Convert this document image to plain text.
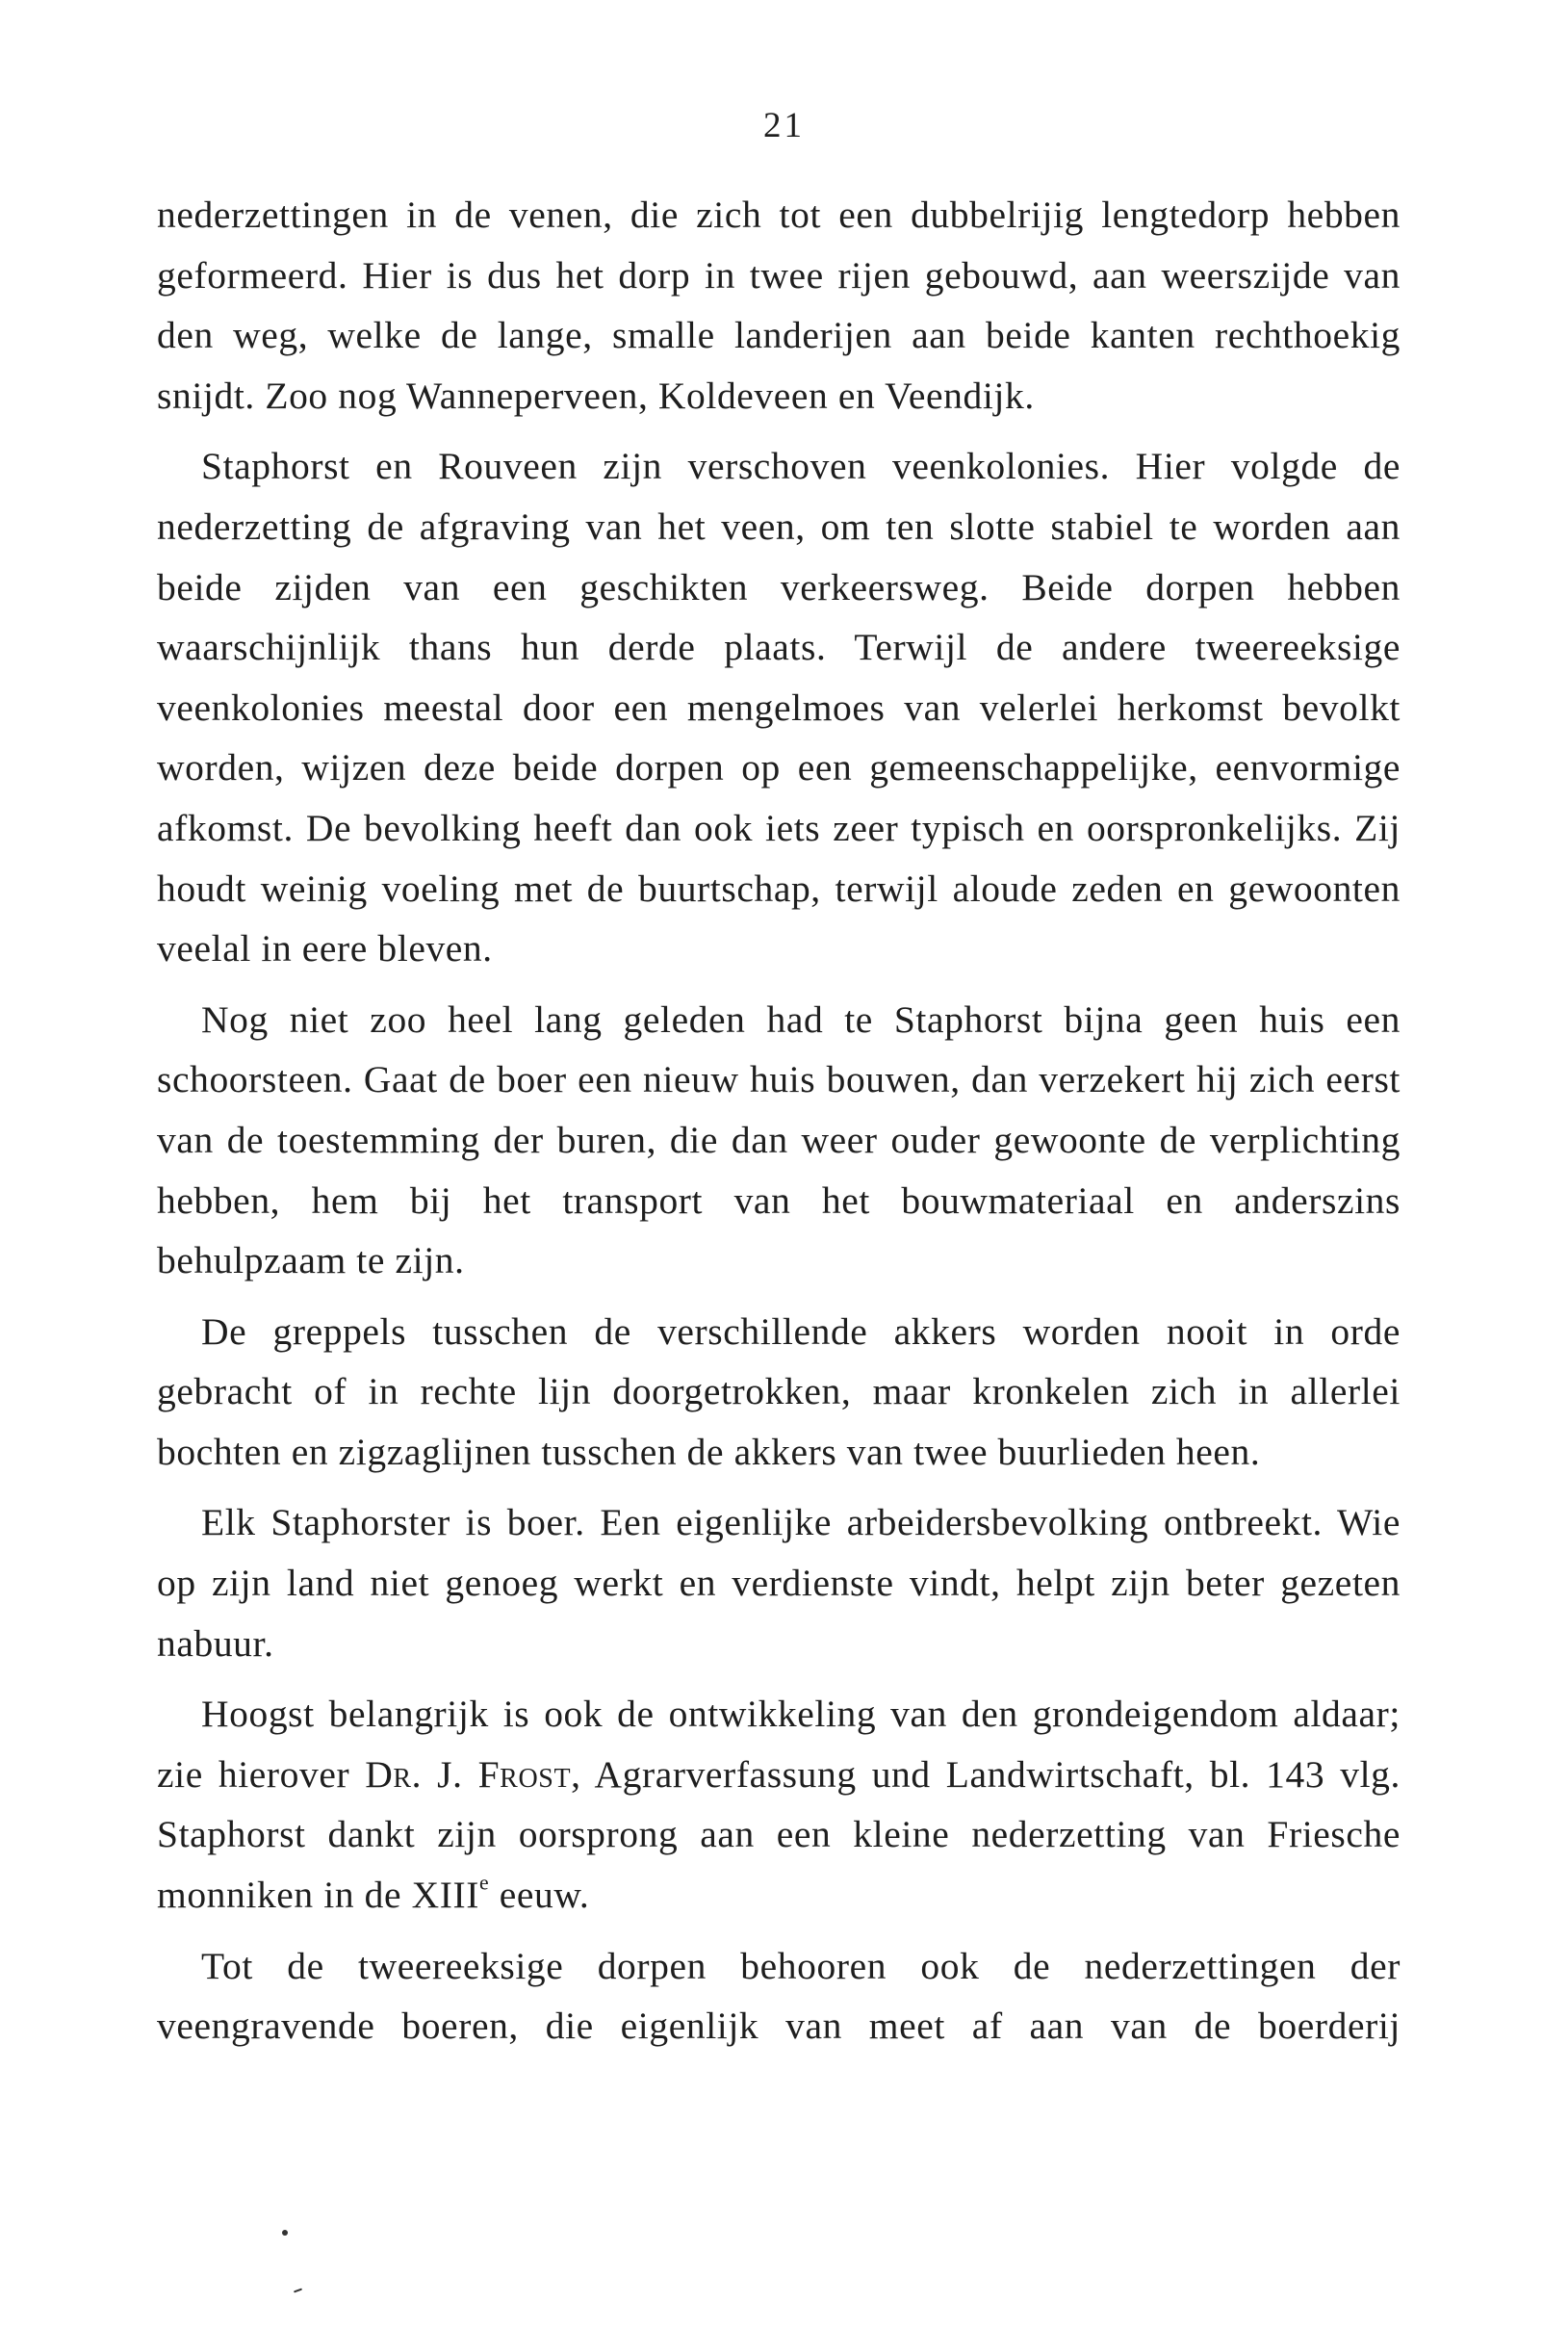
21

nederzettingen in de venen, die zich tot een dubbelrijig lengtedorp hebben geformeerd. Hier is dus het dorp in twee rijen gebouwd, aan weerszijde van den weg, welke de lange, smalle landerijen aan beide kanten rechthoekig snijdt. Zoo nog Wanneperveen, Koldeveen en Veendijk.

Staphorst en Rouveen zijn verschoven veenkolonies. Hier volgde de nederzetting de afgraving van het veen, om ten slotte stabiel te worden aan beide zijden van een geschikten verkeersweg. Beide dorpen hebben waarschijnlijk thans hun derde plaats. Terwijl de andere tweereeksige veenkolonies meestal door een mengelmoes van velerlei herkomst bevolkt worden, wijzen deze beide dorpen op een gemeenschappelijke, eenvormige afkomst. De bevolking heeft dan ook iets zeer typisch en oorspronkelijks. Zij houdt weinig voeling met de buurtschap, terwijl aloude zeden en gewoonten veelal in eere bleven.

Nog niet zoo heel lang geleden had te Staphorst bijna geen huis een schoorsteen. Gaat de boer een nieuw huis bouwen, dan verzekert hij zich eerst van de toestemming der buren, die dan weer ouder gewoonte de verplichting hebben, hem bij het transport van het bouwmateriaal en anderszins behulpzaam te zijn.

De greppels tusschen de verschillende akkers worden nooit in orde gebracht of in rechte lijn doorgetrokken, maar kronkelen zich in allerlei bochten en zigzaglijnen tusschen de akkers van twee buurlieden heen.

Elk Staphorster is boer. Een eigenlijke arbeidersbevolking ontbreekt. Wie op zijn land niet genoeg werkt en verdienste vindt, helpt zijn beter gezeten nabuur.

Hoogst belangrijk is ook de ontwikkeling van den grondeigendom aldaar; zie hierover Dr. J. Frost, Agrarverfassung und Landwirtschaft, bl. 143 vlg. Staphorst dankt zijn oorsprong aan een kleine nederzetting van Friesche monniken in de XIIIe eeuw.

Tot de tweereeksige dorpen behooren ook de nederzettingen der veengravende boeren, die eigenlijk van meet af aan van de boerderij
